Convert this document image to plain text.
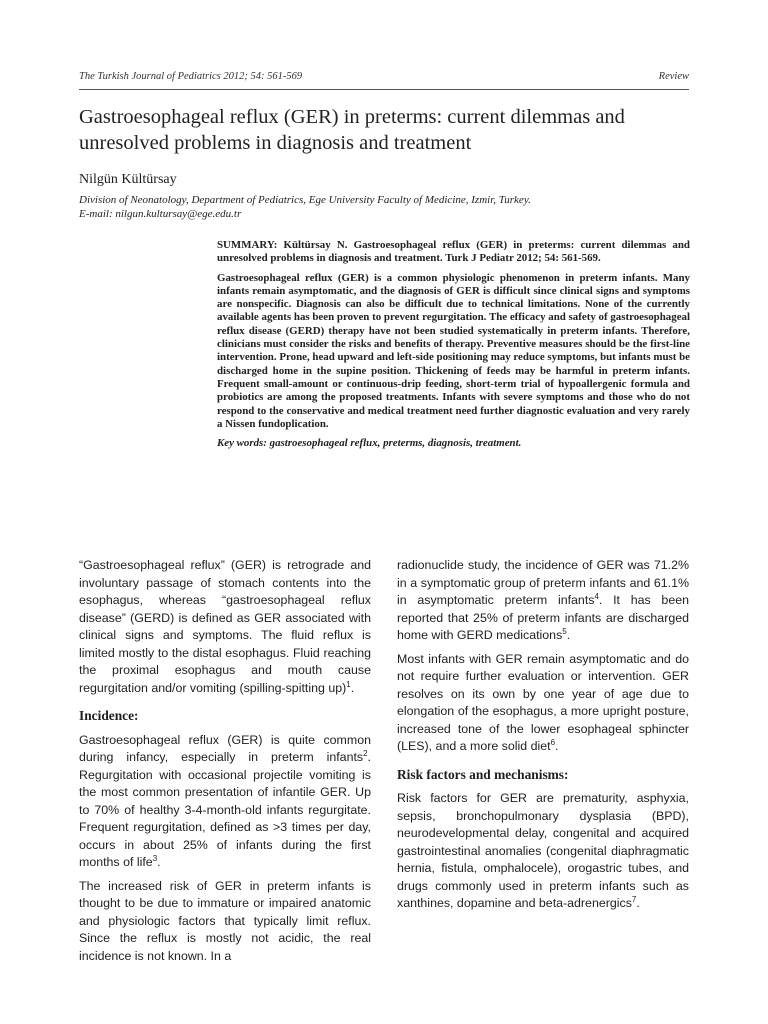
The Turkish Journal of Pediatrics 2012; 54: 561-569	Review
Gastroesophageal reflux (GER) in preterms: current dilemmas and unresolved problems in diagnosis and treatment
Nilgün Kültürsay
Division of Neonatology, Department of Pediatrics, Ege University Faculty of Medicine, Izmir, Turkey.
E-mail: nilgun.kultursay@ege.edu.tr

SUMMARY: Kültürsay N. Gastroesophageal reflux (GER) in preterms: current dilemmas and unresolved problems in diagnosis and treatment. Turk J Pediatr 2012; 54: 561-569.

Gastroesophageal reflux (GER) is a common physiologic phenomenon in preterm infants. Many infants remain asymptomatic, and the diagnosis of GER is difficult since clinical signs and symptoms are nonspecific. Diagnosis can also be difficult due to technical limitations. None of the currently available agents has been proven to prevent regurgitation. The efficacy and safety of gastroesophageal reflux disease (GERD) therapy have not been studied systematically in preterm infants. Therefore, clinicians must consider the risks and benefits of therapy. Preventive measures should be the first-line intervention. Prone, head upward and left-side positioning may reduce symptoms, but infants must be discharged home in the supine position. Thickening of feeds may be harmful in preterm infants. Frequent small-amount or continuous-drip feeding, short-term trial of hypoallergenic formula and probiotics are among the proposed treatments. Infants with severe symptoms and those who do not respond to the conservative and medical treatment need further diagnostic evaluation and very rarely a Nissen fundoplication.

Key words: gastroesophageal reflux, preterms, diagnosis, treatment.

“Gastroesophageal reflux” (GER) is retrograde and involuntary passage of stomach contents into the esophagus, whereas “gastroesophageal reflux disease” (GERD) is defined as GER associated with clinical signs and symptoms. The fluid reflux is limited mostly to the distal esophagus. Fluid reaching the proximal esophagus and mouth cause regurgitation and/or vomiting (spilling-spitting up)$^1$.

Incidence:

Gastroesophageal reflux (GER) is quite common during infancy, especially in preterm infants$^2$. Regurgitation with occasional projectile vomiting is the most common presentation of infantile GER. Up to 70% of healthy 3-4-month-old infants regurgitate. Frequent regurgitation, defined as >3 times per day, occurs in about 25% of infants during the first months of life$^3$.

The increased risk of GER in preterm infants is thought to be due to immature or impaired anatomic and physiologic factors that typically limit reflux. Since the reflux is mostly not acidic, the real incidence is not known. In a

radionuclide study, the incidence of GER was 71.2% in a symptomatic group of preterm infants and 61.1% in asymptomatic preterm infants$^4$. It has been reported that 25% of preterm infants are discharged home with GERD medications$^5$.

Most infants with GER remain asymptomatic and do not require further evaluation or intervention. GER resolves on its own by one year of age due to elongation of the esophagus, a more upright posture, increased tone of the lower esophageal sphincter (LES), and a more solid diet$^6$.

Risk factors and mechanisms:

Risk factors for GER are prematurity, asphyxia, sepsis, bronchopulmonary dysplasia (BPD), neurodevelopmental delay, congenital and acquired gastrointestinal anomalies (congenital diaphragmatic hernia, fistula, omphalocele), orogastric tubes, and drugs commonly used in preterm infants such as xanthines, dopamine and beta-adrenergics$^7$.
